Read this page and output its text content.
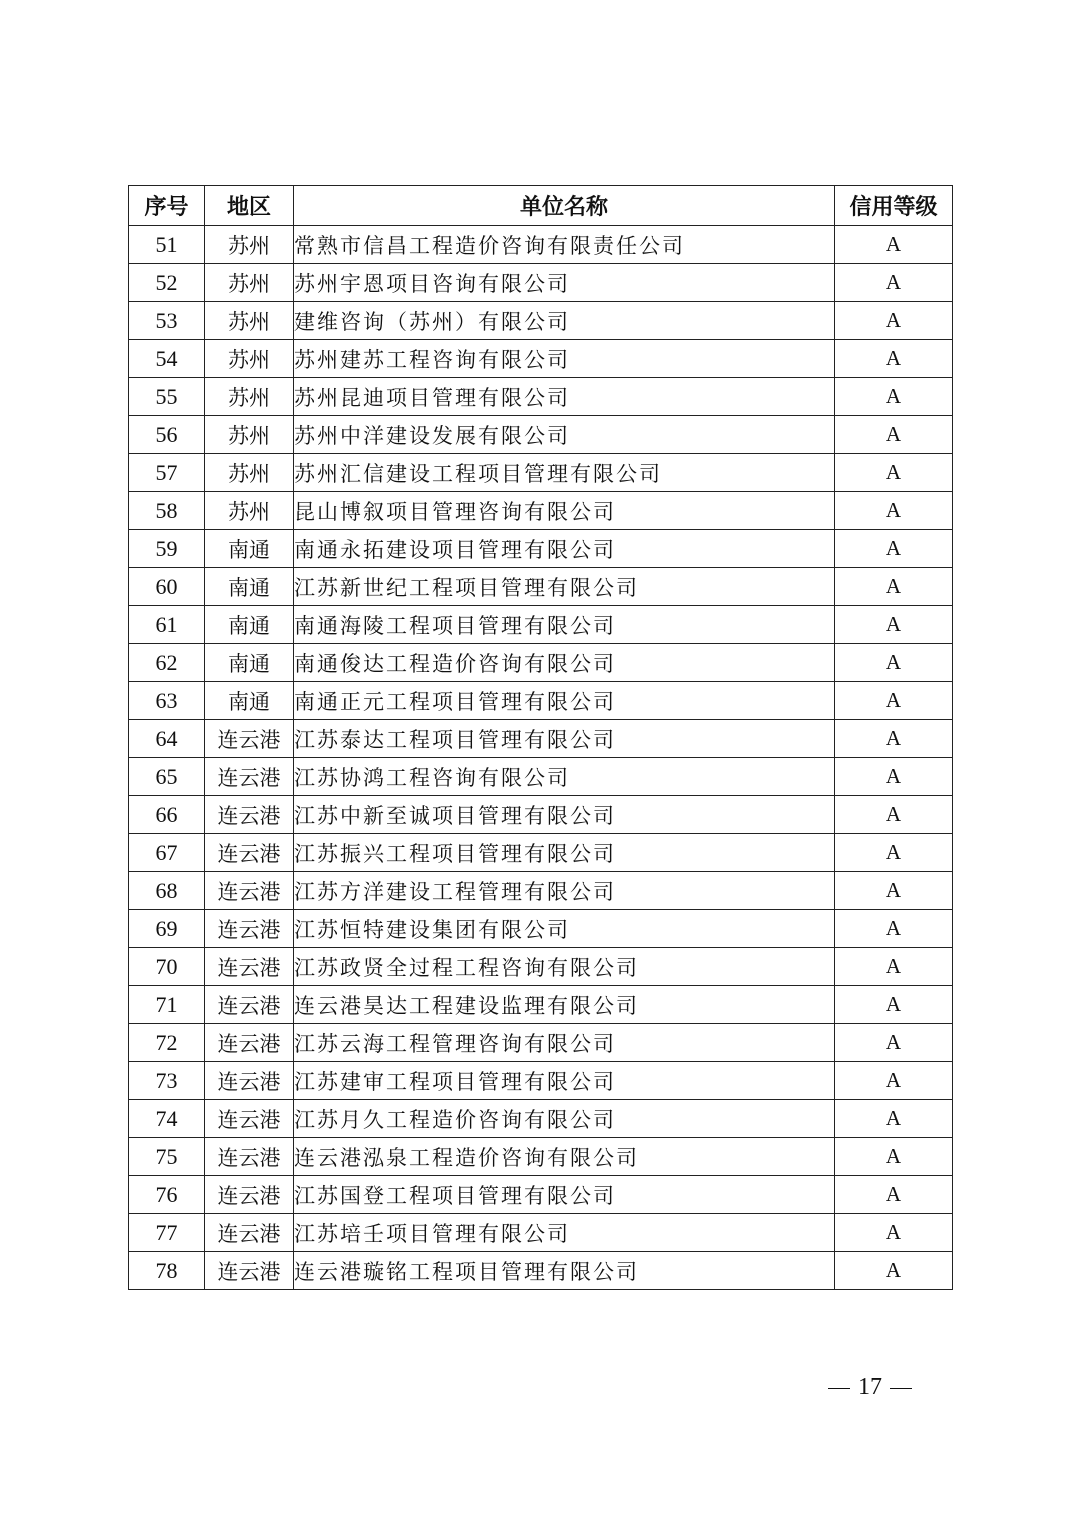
序号	地区	单位名称	信用等级
51	苏州	常熟市信昌工程造价咨询有限责任公司	A
52	苏州	苏州宇恩项目咨询有限公司	A
53	苏州	建维咨询（苏州）有限公司	A
54	苏州	苏州建苏工程咨询有限公司	A
55	苏州	苏州昆迪项目管理有限公司	A
56	苏州	苏州中洋建设发展有限公司	A
57	苏州	苏州汇信建设工程项目管理有限公司	A
58	苏州	昆山博叙项目管理咨询有限公司	A
59	南通	南通永拓建设项目管理有限公司	A
60	南通	江苏新世纪工程项目管理有限公司	A
61	南通	南通海陵工程项目管理有限公司	A
62	南通	南通俊达工程造价咨询有限公司	A
63	南通	南通正元工程项目管理有限公司	A
64	连云港	江苏泰达工程项目管理有限公司	A
65	连云港	江苏协鸿工程咨询有限公司	A
66	连云港	江苏中新至诚项目管理有限公司	A
67	连云港	江苏振兴工程项目管理有限公司	A
68	连云港	江苏方洋建设工程管理有限公司	A
69	连云港	江苏恒特建设集团有限公司	A
70	连云港	江苏政贤全过程工程咨询有限公司	A
71	连云港	连云港昊达工程建设监理有限公司	A
72	连云港	江苏云海工程管理咨询有限公司	A
73	连云港	江苏建审工程项目管理有限公司	A
74	连云港	江苏月久工程造价咨询有限公司	A
75	连云港	连云港泓泉工程造价咨询有限公司	A
76	连云港	江苏国登工程项目管理有限公司	A
77	连云港	江苏培壬项目管理有限公司	A
78	连云港	连云港璇铭工程项目管理有限公司	A
17
